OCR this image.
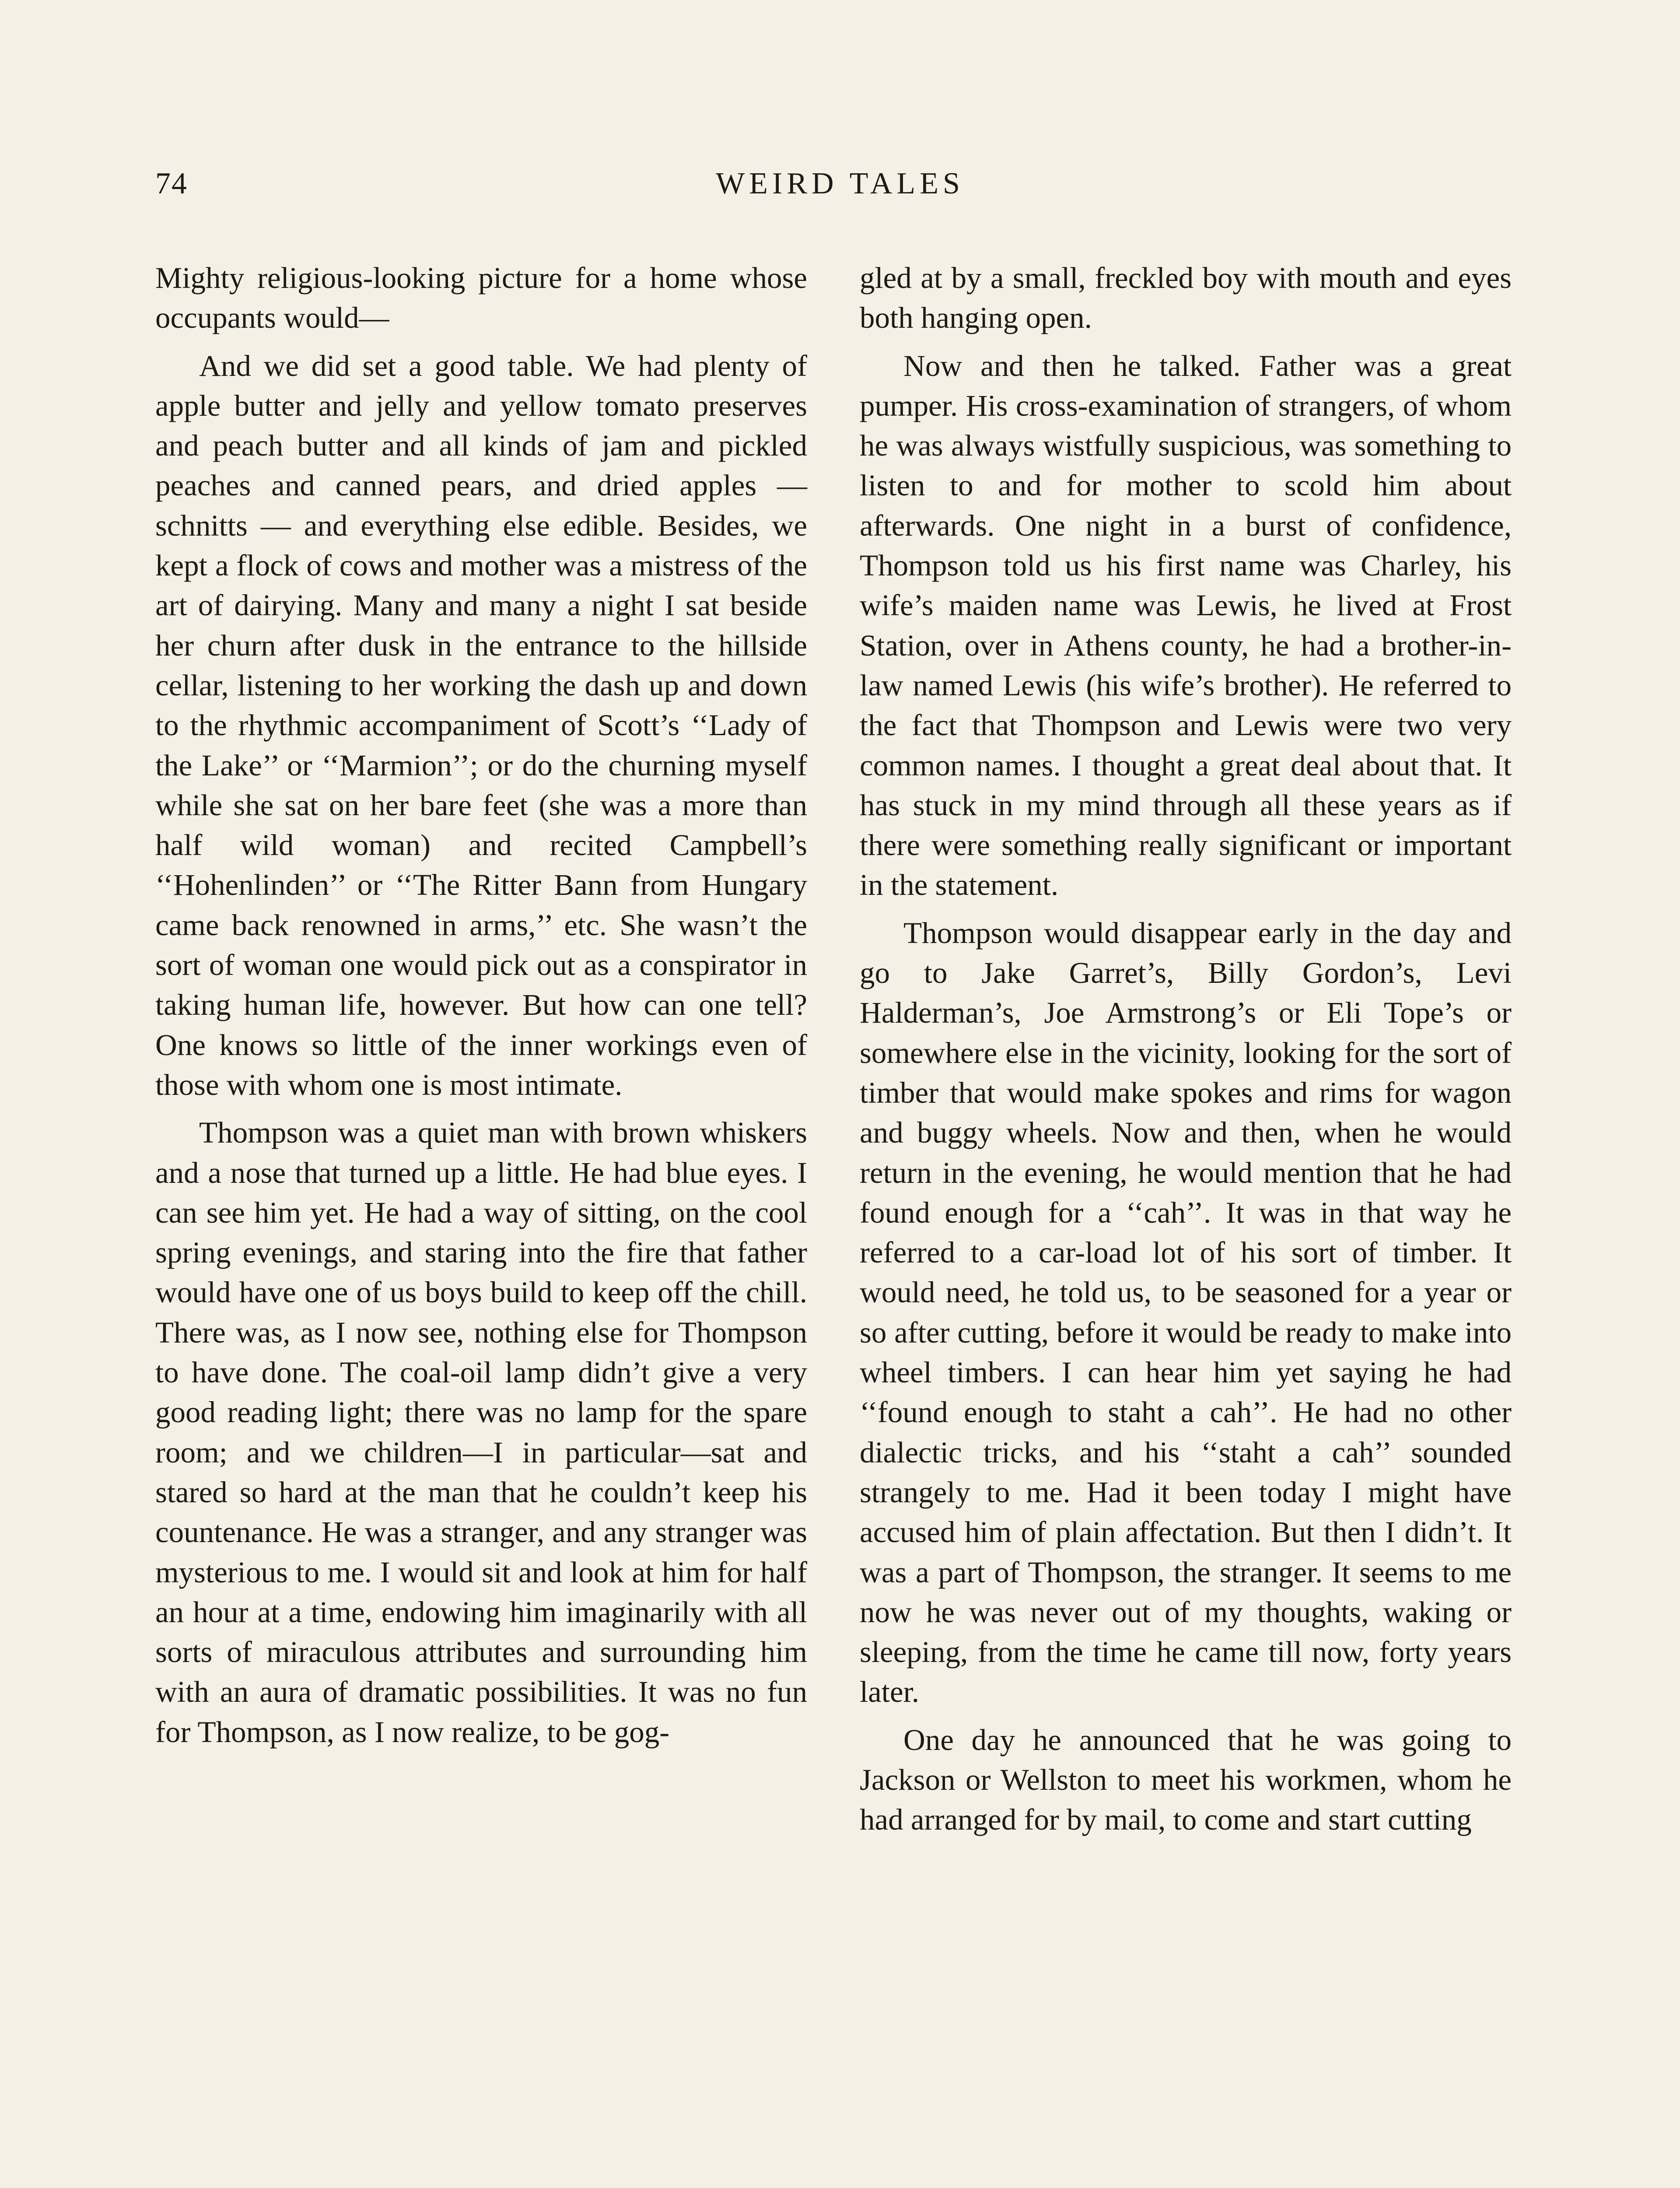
74	WEIRD TALES

Mighty religious-looking picture for a home whose occupants would—

And we did set a good table. We had plenty of apple butter and jelly and yellow tomato preserves and peach butter and all kinds of jam and pickled peaches and canned pears, and dried apples — schnitts — and everything else edible. Besides, we kept a flock of cows and mother was a mistress of the art of dairying. Many and many a night I sat beside her churn after dusk in the entrance to the hillside cellar, listening to her working the dash up and down to the rhythmic accompaniment of Scott’s ‘‘Lady of the Lake’’ or ‘‘Marmion’’; or do the churning myself while she sat on her bare feet (she was a more than half wild woman) and recited Campbell’s ‘‘Hohenlinden’’ or ‘‘The Ritter Bann from Hungary came back renowned in arms,’’ etc. She wasn’t the sort of woman one would pick out as a conspirator in taking human life, however. But how can one tell? One knows so little of the inner workings even of those with whom one is most intimate.

Thompson was a quiet man with brown whiskers and a nose that turned up a little. He had blue eyes. I can see him yet. He had a way of sitting, on the cool spring evenings, and staring into the fire that father would have one of us boys build to keep off the chill. There was, as I now see, nothing else for Thompson to have done. The coal-oil lamp didn’t give a very good reading light; there was no lamp for the spare room; and we children—I in particular—sat and stared so hard at the man that he couldn’t keep his countenance. He was a stranger, and any stranger was mysterious to me. I would sit and look at him for half an hour at a time, endowing him imaginarily with all sorts of miraculous attributes and surrounding him with an aura of dramatic possibilities. It was no fun for Thompson, as I now realize, to be gog-

gled at by a small, freckled boy with mouth and eyes both hanging open.

Now and then he talked. Father was a great pumper. His cross-examination of strangers, of whom he was always wistfully suspicious, was something to listen to and for mother to scold him about afterwards. One night in a burst of confidence, Thompson told us his first name was Charley, his wife’s maiden name was Lewis, he lived at Frost Station, over in Athens county, he had a brother-in-law named Lewis (his wife’s brother). He referred to the fact that Thompson and Lewis were two very common names. I thought a great deal about that. It has stuck in my mind through all these years as if there were something really significant or important in the statement.

Thompson would disappear early in the day and go to Jake Garret’s, Billy Gordon’s, Levi Halderman’s, Joe Armstrong’s or Eli Tope’s or somewhere else in the vicinity, looking for the sort of timber that would make spokes and rims for wagon and buggy wheels. Now and then, when he would return in the evening, he would mention that he had found enough for a ‘‘cah’’. It was in that way he referred to a car-load lot of his sort of timber. It would need, he told us, to be seasoned for a year or so after cutting, before it would be ready to make into wheel timbers. I can hear him yet saying he had ‘‘found enough to staht a cah’’. He had no other dialectic tricks, and his ‘‘staht a cah’’ sounded strangely to me. Had it been today I might have accused him of plain affectation. But then I didn’t. It was a part of Thompson, the stranger. It seems to me now he was never out of my thoughts, waking or sleeping, from the time he came till now, forty years later.

One day he announced that he was going to Jackson or Wellston to meet his workmen, whom he had arranged for by mail, to come and start cutting
